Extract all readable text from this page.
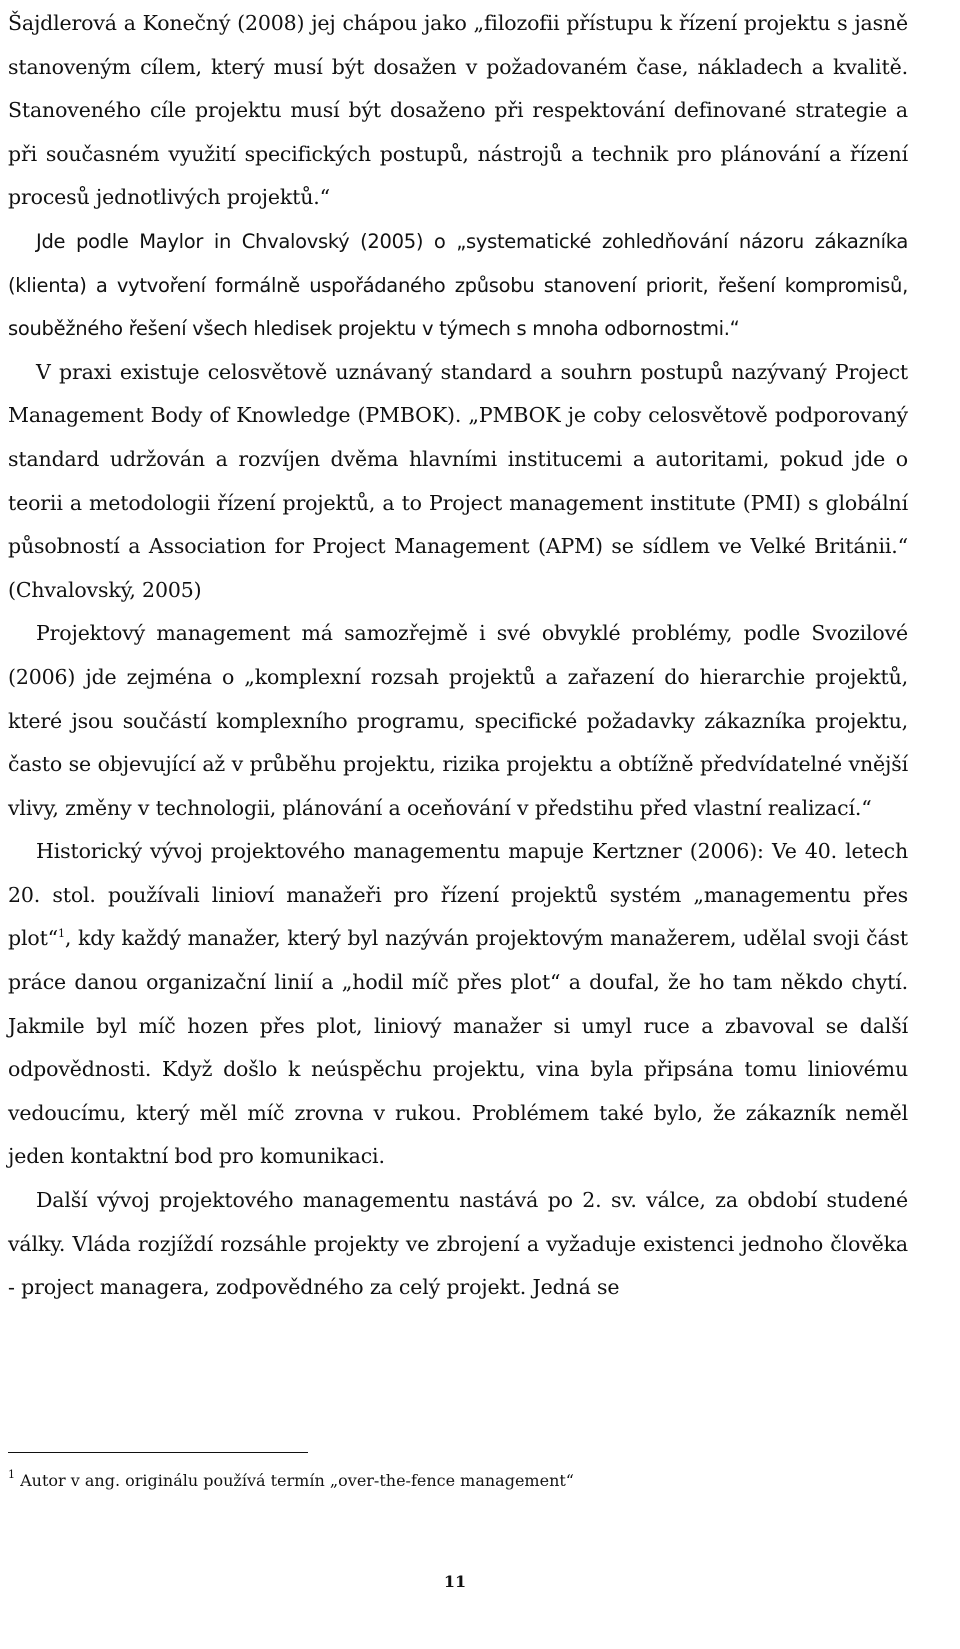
Šajdlerová a Konečný (2008) jej chápou jako „filozofii přístupu k řízení projektu s jasně stanoveným cílem, který musí být dosažen v požadovaném čase, nákladech a kvalitě. Stanoveného cíle projektu musí být dosaženo při respektování definované strategie a při současném využití specifických postupů, nástrojů a technik pro plánování a řízení procesů jednotlivých projektů.“

Jde podle Maylor in Chvalovský (2005) o „systematické zohledňování názoru zákazníka (klienta) a vytvoření formálně uspořádaného způsobu stanovení priorit, řešení kompromisů, souběžného řešení všech hledisek projektu v týmech s mnoha odbornostmi.“

V praxi existuje celosvětově uznávaný standard a souhrn postupů nazývaný Project Management Body of Knowledge (PMBOK). „PMBOK je coby celosvětově podporovaný standard udržován a rozvíjen dvěma hlavními institucemi a autoritami, pokud jde o teorii a metodologii řízení projektů, a to Project management institute (PMI) s globální působností a Association for Project Management (APM) se sídlem ve Velké Británii.“ (Chvalovský, 2005)

Projektový management má samozřejmě i své obvyklé problémy, podle Svozilové (2006) jde zejména o „komplexní rozsah projektů a zařazení do hierarchie projektů, které jsou součástí komplexního programu, specifické požadavky zákazníka projektu, často se objevující až v průběhu projektu, rizika projektu a obtížně předvídatelné vnější vlivy, změny v technologii, plánování a oceňování v předstihu před vlastní realizací.“

Historický vývoj projektového managementu mapuje Kertzner (2006): Ve 40. letech 20. stol. používali linioví manažeři pro řízení projektů systém „managementu přes plot“$^1$, kdy každý manažer, který byl nazýván projektovým manažerem, udělal svoji část práce danou organizační linií a „hodil míč přes plot“ a doufal, že ho tam někdo chytí. Jakmile byl míč hozen přes plot, liniový manažer si umyl ruce a zbavoval se další odpovědnosti. Když došlo k neúspěchu projektu, vina byla připsána tomu liniovému vedoucímu, který měl míč zrovna v rukou. Problémem také bylo, že zákazník neměl jeden kontaktní bod pro komunikaci.

Další vývoj projektového managementu nastává po 2. sv. válce, za období studené války. Vláda rozjíždí rozsáhle projekty ve zbrojení a vyžaduje existenci jednoho člověka - project managera, zodpovědného za celý projekt. Jedná se

$^1$ Autor v ang. originálu používá termín „over-the-fence management“

11
